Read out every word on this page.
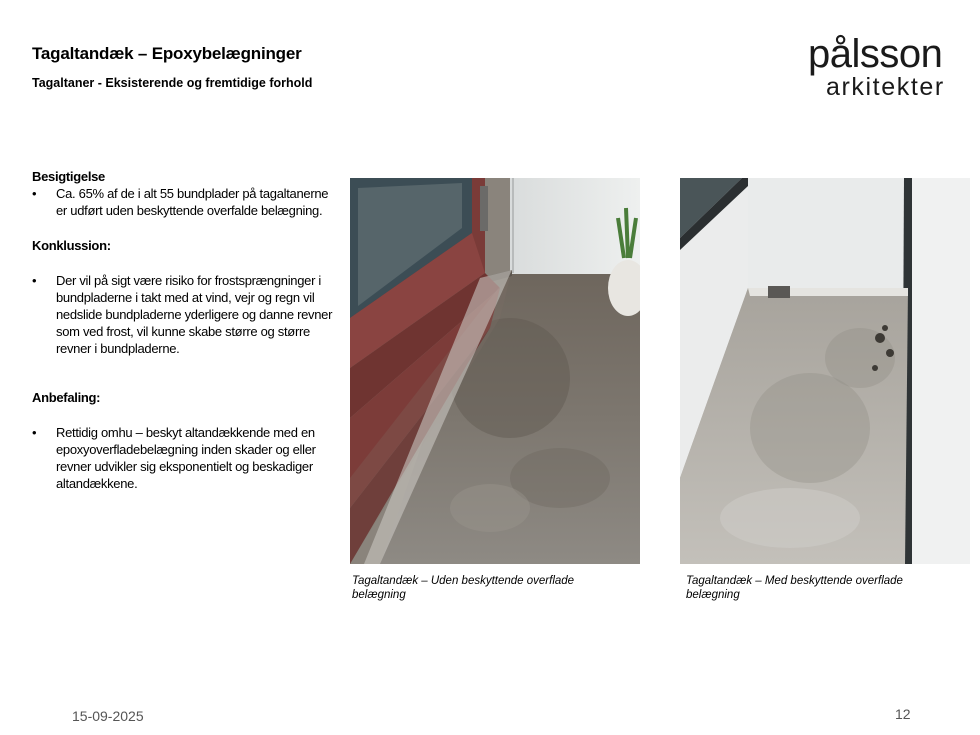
Tagaltandæk – Epoxybelægninger
Tagaltaner - Eksisterende og fremtidige forhold
pålsson
arkitekter
Besigtigelse
• Ca. 65% af de i alt 55 bundplader på tagaltanerne er udført uden beskyttende overfalde belægning.
Konklussion:
• Der vil på sigt være risiko for frostsprængninger i bundpladerne i takt med at vind, vejr og regn vil nedslide bundpladerne yderligere og danne revner som ved frost, vil kunne skabe større og større revner i bundpladerne.
Anbefaling:
• Rettidig omhu – beskyt altandækkende med en epoxyoverfladebelægning inden skader og eller revner udvikler sig eksponentielt og beskadiger altandækkene.
Tagaltandæk – Uden beskyttende overflade belægning
Tagaltandæk – Med beskyttende overflade belægning
15-09-2025	12
